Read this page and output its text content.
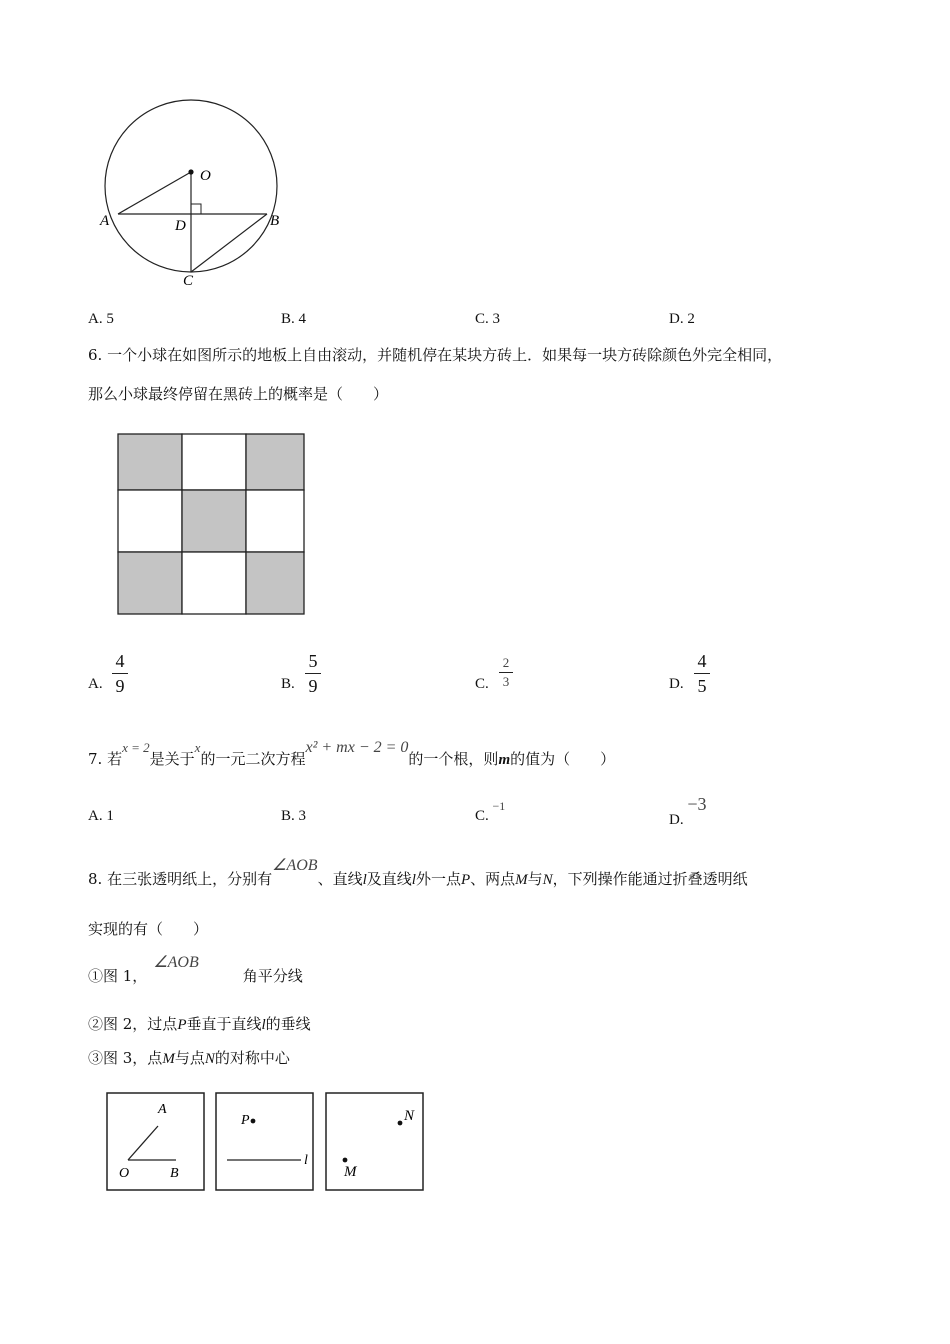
O
A	D	B
C
A. 5	B. 4	C. 3	D. 2
6. 一个小球在如图所示的地板上自由滚动，并随机停在某块方砖上．如果每一块方砖除颜色外完全相同，
那么小球最终停留在黑砖上的概率是（　　）
A.
4
9	B.
5
9	C.
2
3	D.
4
5
7. 若x = 2是关于x的一元二次方程x² + mx − 2 = 0的一个根，则m的值为（　　）
A. 1	B. 3	C. $^{-1}$
D. −3
8. 在三张透明纸上，分别有∠AOB、直线l及直线l外一点P、两点M与N，下列操作能通过折叠透明纸
实现的有（　　）
①图 1，∠AOB角平分线
②图 2，过点P垂直于直线l的垂线
③图 3，点M与点N的对称中心
A
O	B
P
l
N
M
